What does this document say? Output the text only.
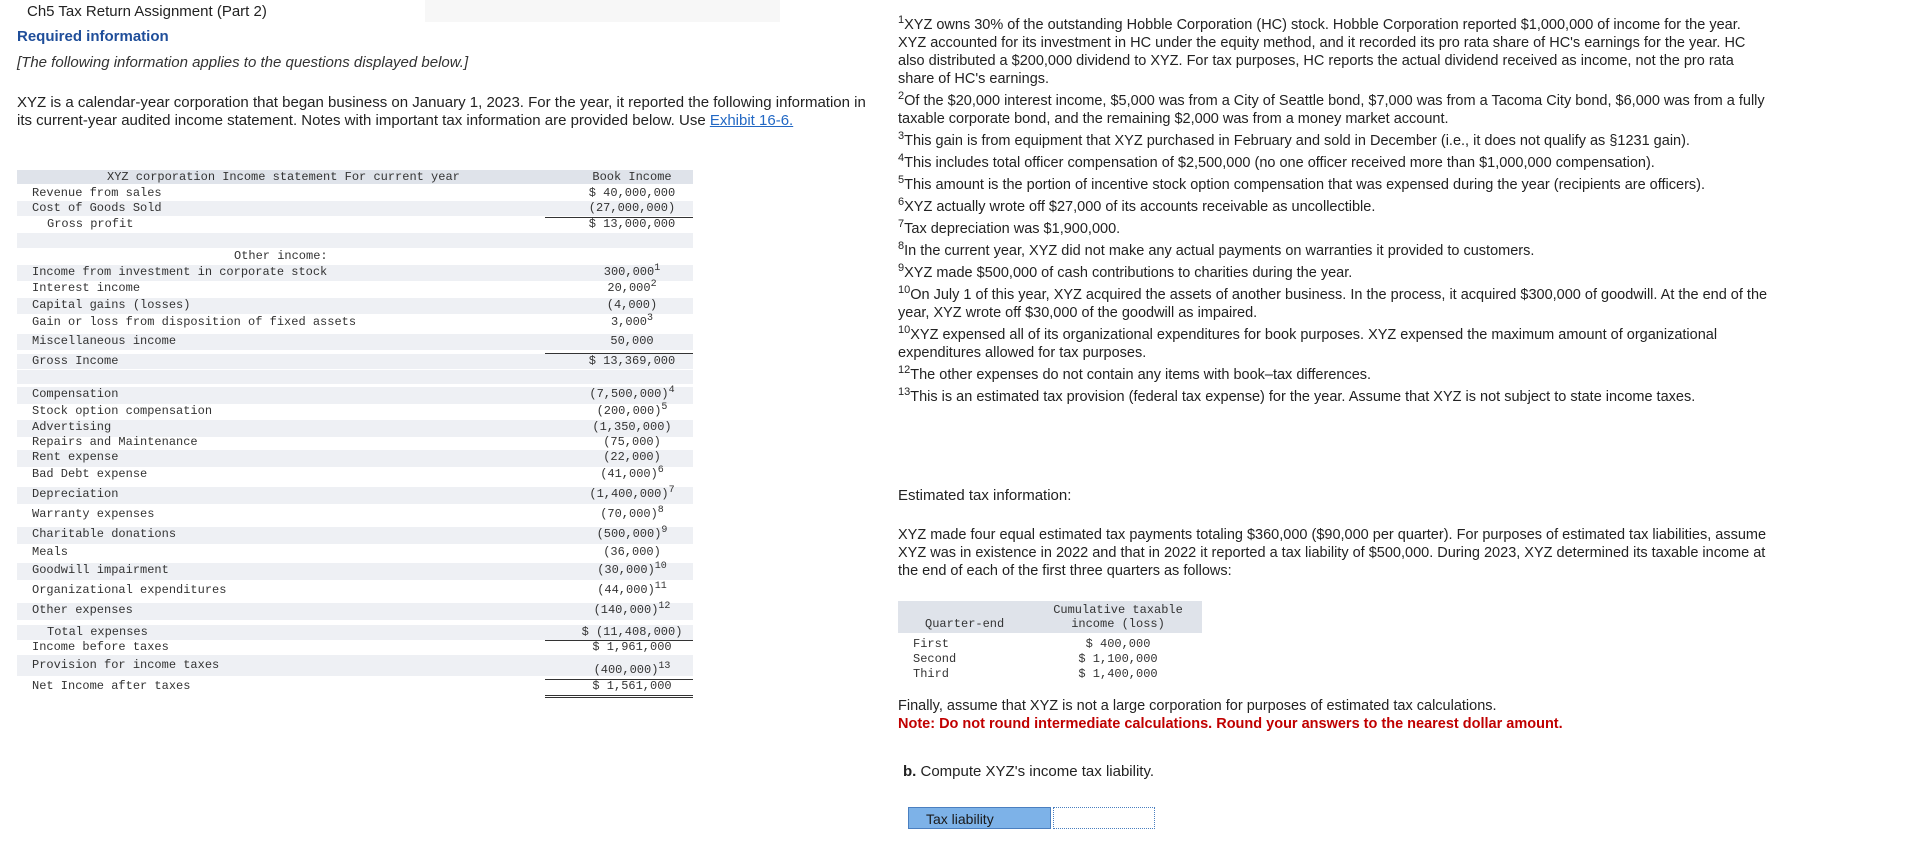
Ch5 Tax Return Assignment (Part 2)
Required information
[The following information applies to the questions displayed below.]
XYZ is a calendar-year corporation that began business on January 1, 2023. For the year, it reported the following information in its current-year audited income statement. Notes with important tax information are provided below. Use Exhibit 16-6.
XYZ corporation Income statement For current year	Book Income
Revenue from sales	$ 40,000,000
Cost of Goods Sold	(27,000,000)
Gross profit	$ 13,000,000
Other income:
Income from investment in corporate stock	300,000$^1$
Interest income	20,000$^2$
Capital gains (losses)	(4,000)
Gain or loss from disposition of fixed assets	3,000$^3$
Miscellaneous income	50,000
Gross Income	$ 13,369,000
Compensation	$(7,500,000)^4$
Stock option compensation	$(200,000)^5$
Advertising	(1,350,000)
Repairs and Maintenance	(75,000)
Rent expense	(22,000)
Bad Debt expense	$(41,000)^6$
Depreciation	$(1,400,000)^7$
Warranty expenses	$(70,000)^8$
Charitable donations	$(500,000)^9$
Meals	(36,000)
Goodwill impairment	$(30,000)^{10}$
Organizational expenditures	$(44,000)^{11}$
Other expenses	$(140,000)^{12}$
Total expenses	$ (11,408,000)
Income before taxes	$ 1,961,000
Provision for income taxes	$(400,000)^{13}$
Net Income after taxes	$ 1,561,000
$^1$XYZ owns 30% of the outstanding Hobble Corporation (HC) stock. Hobble Corporation reported $1,000,000 of income for the year. XYZ accounted for its investment in HC under the equity method, and it recorded its pro rata share of HC's earnings for the year. HC also distributed a $200,000 dividend to XYZ. For tax purposes, HC reports the actual dividend received as income, not the pro rata share of HC's earnings.
$^2$Of the $20,000 interest income, $5,000 was from a City of Seattle bond, $7,000 was from a Tacoma City bond, $6,000 was from a fully taxable corporate bond, and the remaining $2,000 was from a money market account.
$^3$This gain is from equipment that XYZ purchased in February and sold in December (i.e., it does not qualify as §1231 gain).
$^4$This includes total officer compensation of $2,500,000 (no one officer received more than $1,000,000 compensation).
$^5$This amount is the portion of incentive stock option compensation that was expensed during the year (recipients are officers).
$^6$XYZ actually wrote off $27,000 of its accounts receivable as uncollectible.
$^7$Tax depreciation was $1,900,000.
$^8$In the current year, XYZ did not make any actual payments on warranties it provided to customers.
$^9$XYZ made $500,000 of cash contributions to charities during the year.
$^{10}$On July 1 of this year, XYZ acquired the assets of another business. In the process, it acquired $300,000 of goodwill. At the end of the year, XYZ wrote off $30,000 of the goodwill as impaired.
$^{10}$XYZ expensed all of its organizational expenditures for book purposes. XYZ expensed the maximum amount of organizational expenditures allowed for tax purposes.
$^{12}$The other expenses do not contain any items with book–tax differences.
$^{13}$This is an estimated tax provision (federal tax expense) for the year. Assume that XYZ is not subject to state income taxes.
Estimated tax information:
XYZ made four equal estimated tax payments totaling $360,000 ($90,000 per quarter). For purposes of estimated tax liabilities, assume XYZ was in existence in 2022 and that in 2022 it reported a tax liability of $500,000. During 2023, XYZ determined its taxable income at the end of each of the first three quarters as follows:
Quarter-end
Cumulative taxable
income (loss)
First	$ 400,000
Second	$ 1,100,000
Third	$ 1,400,000
Finally, assume that XYZ is not a large corporation for purposes of estimated tax calculations.
Note: Do not round intermediate calculations. Round your answers to the nearest dollar amount.
b. Compute XYZ's income tax liability.
Tax liability
